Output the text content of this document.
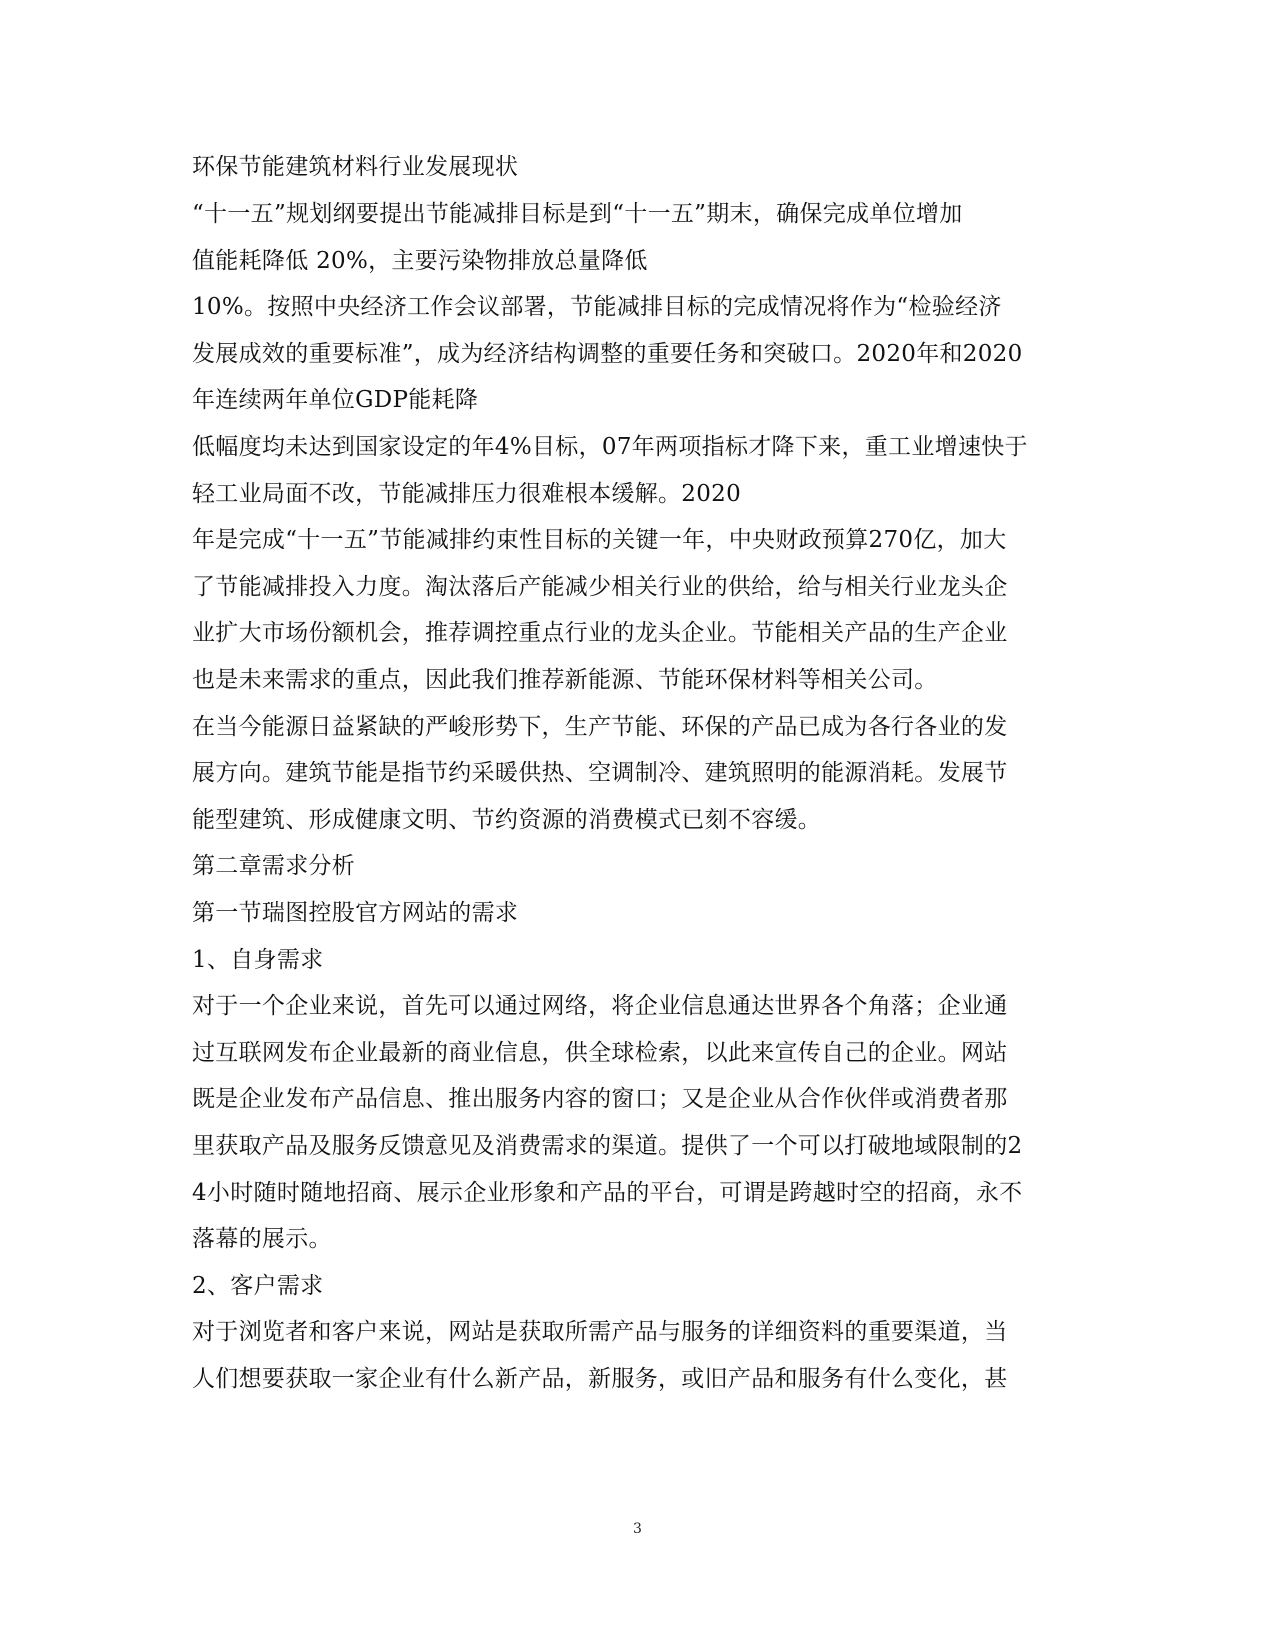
环保节能建筑材料行业发展现状
“十一五”规划纲要提出节能减排目标是到“十一五”期末，确保完成单位增加
值能耗降低 20%，主要污染物排放总量降低
10%。按照中央经济工作会议部署，节能减排目标的完成情况将作为“检验经济
发展成效的重要标准”，成为经济结构调整的重要任务和突破口。2020年和2020
年连续两年单位GDP能耗降
低幅度均未达到国家设定的年4%目标，07年两项指标才降下来，重工业增速快于
轻工业局面不改，节能减排压力很难根本缓解。2020
年是完成“十一五”节能减排约束性目标的关键一年，中央财政预算270亿，加大
了节能减排投入力度。淘汰落后产能减少相关行业的供给，给与相关行业龙头企
业扩大市场份额机会，推荐调控重点行业的龙头企业。节能相关产品的生产企业
也是未来需求的重点，因此我们推荐新能源、节能环保材料等相关公司。
在当今能源日益紧缺的严峻形势下，生产节能、环保的产品已成为各行各业的发
展方向。建筑节能是指节约采暖供热、空调制冷、建筑照明的能源消耗。发展节
能型建筑、形成健康文明、节约资源的消费模式已刻不容缓。
第二章需求分析
第一节瑞图控股官方网站的需求
1、自身需求
对于一个企业来说，首先可以通过网络，将企业信息通达世界各个角落；企业通
过互联网发布企业最新的商业信息，供全球检索，以此来宣传自己的企业。网站
既是企业发布产品信息、推出服务内容的窗口；又是企业从合作伙伴或消费者那
里获取产品及服务反馈意见及消费需求的渠道。提供了一个可以打破地域限制的2
4小时随时随地招商、展示企业形象和产品的平台，可谓是跨越时空的招商，永不
落幕的展示。
2、客户需求
对于浏览者和客户来说，网站是获取所需产品与服务的详细资料的重要渠道，当
人们想要获取一家企业有什么新产品，新服务，或旧产品和服务有什么变化，甚
3
